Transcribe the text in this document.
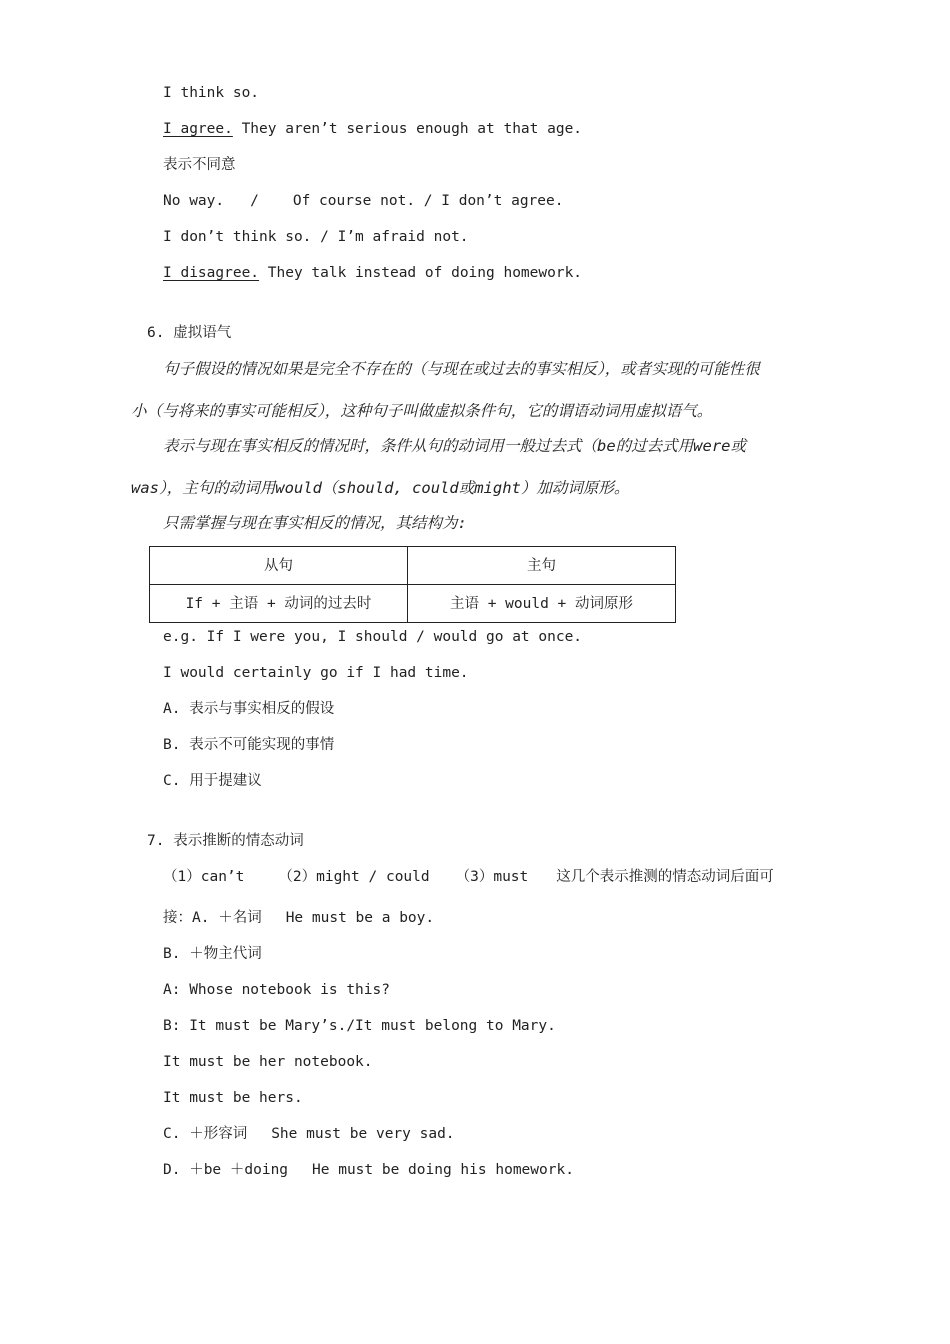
I think so.
I agree. They aren’t serious enough at that age.
表示不同意
No way. / Of course not. / I don’t agree.
I don’t think so. / I’m afraid not.
I disagree. They talk instead of doing homework.
6. 虚拟语气
句子假设的情况如果是完全不存在的（与现在或过去的事实相反），或者实现的可能性很
小（与将来的事实可能相反），这种句子叫做虚拟条件句，它的谓语动词用虚拟语气。
表示与现在事实相反的情况时，条件从句的动词用一般过去式（be的过去式用were或
was），主句的动词用would（should, could或might）加动词原形。
只需掌握与现在事实相反的情况，其结构为:
从句	主句
If + 主语 + 动词的过去时	主语 + would + 动词原形
e.g. If I were you, I should / would go at once.
I would certainly go if I had time.
A. 表示与事实相反的假设
B. 表示不可能实现的事情
C. 用于提建议
7. 表示推断的情态动词
（1）can’t （2）might / could （3）must 这几个表示推测的情态动词后面可
接：A. ＋名词 He must be a boy.
B. ＋物主代词
A: Whose notebook is this?
B: It must be Mary’s./It must belong to Mary.
It must be her notebook.
It must be hers.
C. ＋形容词 She must be very sad.
D. ＋be ＋doing He must be doing his homework.
